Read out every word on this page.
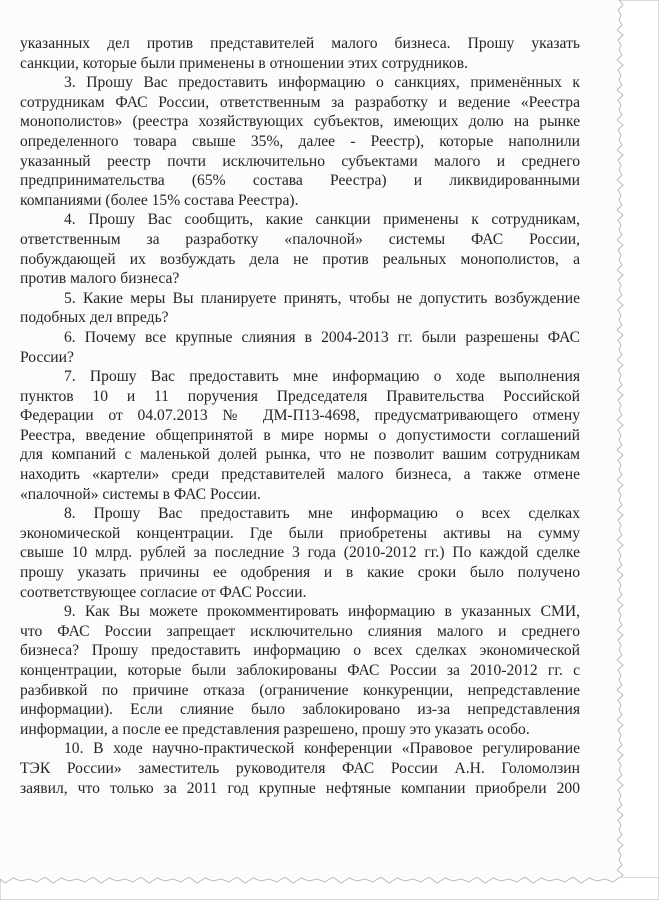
указанных дел против представителей малого бизнеса. Прошу указать
санкции, которые были применены в отношении этих сотрудников.
3. Прошу Вас предоставить информацию о санкциях, применённых к
сотрудникам ФАС России, ответственным за разработку и ведение «Реестра
монополистов» (реестра хозяйствующих субъектов, имеющих долю на рынке
определенного товара свыше 35%, далее - Реестр), которые наполнили
указанный реестр почти исключительно субъектами малого и среднего
предпринимательства (65% состава Реестра) и ликвидированными
компаниями (более 15% состава Реестра).
4. Прошу Вас сообщить, какие санкции применены к сотрудникам,
ответственным за разработку «палочной» системы ФАС России,
побуждающей их возбуждать дела не против реальных монополистов, а
против малого бизнеса?
5. Какие меры Вы планируете принять, чтобы не допустить возбуждение
подобных дел впредь?
6. Почему все крупные слияния в 2004-2013 гг. были разрешены ФАС
России?
7. Прошу Вас предоставить мне информацию о ходе выполнения
пунктов 10 и 11 поручения Председателя Правительства Российской
Федерации от 04.07.2013 № ДМ-П13-4698, предусматривающего отмену
Реестра, введение общепринятой в мире нормы о допустимости соглашений
для компаний с маленькой долей рынка, что не позволит вашим сотрудникам
находить «картели» среди представителей малого бизнеса, а также отмене
«палочной» системы в ФАС России.
8. Прошу Вас предоставить мне информацию о всех сделках
экономической концентрации. Где были приобретены активы на сумму
свыше 10 млрд. рублей за последние 3 года (2010-2012 гг.) По каждой сделке
прошу указать причины ее одобрения и в какие сроки было получено
соответствующее согласие от ФАС России.
9. Как Вы можете прокомментировать информацию в указанных СМИ,
что ФАС России запрещает исключительно слияния малого и среднего
бизнеса? Прошу предоставить информацию о всех сделках экономической
концентрации, которые были заблокированы ФАС России за 2010-2012 гг. с
разбивкой по причине отказа (ограничение конкуренции, непредставление
информации). Если слияние было заблокировано из-за непредставления
информации, а после ее представления разрешено, прошу это указать особо.
10. В ходе научно-практической конференции «Правовое регулирование
ТЭК России» заместитель руководителя ФАС России А.Н. Голомолзин
заявил, что только за 2011 год крупные нефтяные компании приобрели 200
